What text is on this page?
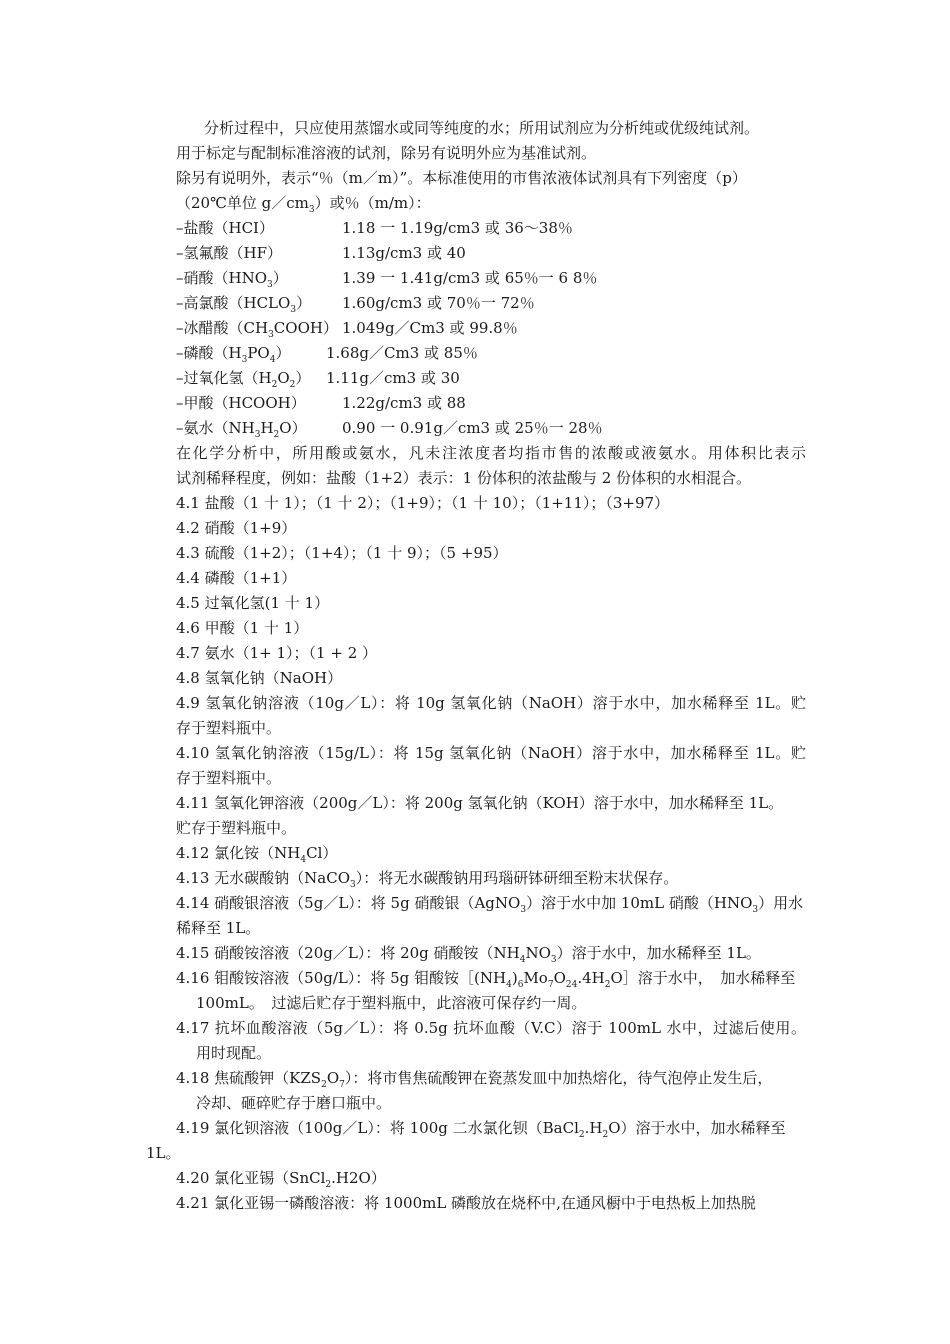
分析过程中，只应使用蒸馏水或同等纯度的水；所用试剂应为分析纯或优级纯试剂。
用于标定与配制标准溶液的试剂，除另有说明外应为基准试剂。
除另有说明外，表示“％（m／m）”。本标准使用的市售浓液体试剂具有下列密度（p）
（20℃单位 $g/cm_3$）或％（m/m）：
–盐酸（HCI）	1.18 一 1.19g/cm3 或 36～38％
–氢氟酸（HF）	1.13g/cm3 或 40
–硝酸$(HNO_3)$	1.39 一 1.41g/cm3 或 65％一 6 8％
–高氯酸$(HCLO_3)$ 1.60g/cm3 或 70％一 72％
–冰醋酸$(CH_3COOH)$ 1.049g／Cm3 或 99.8％
–磷酸$(H_3PO_4)$ 1.68g／Cm3 或 85％
–过氧化氢$(H_2O_2)$ 1.11g／cm3 或 30
–甲酸（HCOOH） 1.22g/cm3 或 88
–氨水$(NH_3H_2O)$ 0.90 一 0.91g／cm3 或 25％一 28％
在化学分析中，所用酸或氨水，凡未注浓度者均指市售的浓酸或液氨水。用体积比表示
试剂稀释程度，例如：盐酸（1+2）表示：1 份体积的浓盐酸与 2 份体积的水相混合。
4.1 盐酸（1 十 1）；（1 十 2）；（1+9）；（1 十 10）；（1+11）；（3+97）
4.2 硝酸（1+9）
4.3 硫酸（1+2）；（1+4）；（1 十 9）；（5 +95）
4.4 磷酸（1+1）
4.5 过氧化氢(1 十 1）
4.6 甲酸（1 十 1）
4.7 氨水（1+ 1）；（1 + 2 ）
4.8 氢氧化钠（NaOH）
4.9 氢氧化钠溶液（10g／L）：将 10g 氢氧化钠（NaOH）溶于水中，加水稀释至 1L。贮
存于塑料瓶中。
4.10 氢氧化钠溶液（15g/L）：将 15g 氢氧化钠（NaOH）溶于水中，加水稀释至 1L。贮
存于塑料瓶中。
4.11 氢氧化钾溶液（200g／L）：将 200g 氢氧化钠（KOH）溶于水中，加水稀释至 1L。
贮存于塑料瓶中。
4.12 氯化铵$(NH_4Cl)$
4.13 无水碳酸钠（NaCO$_3$）：将无水碳酸钠用玛瑙研钵研细至粉末状保存。
4.14 硝酸银溶液（5g／L）：将 5g 硝酸银（AgNO$_3$）溶于水中加 10mL 硝酸$(HNO_3)$用水
稀释至 1L。
4.15 硝酸铵溶液（20g／L）：将 20g 硝酸铵$(NH_4NO_3)$溶于水中，加水稀释至 1L。
4.16 钼酸铵溶液（50g/L）：将 5g 钼酸铵$[(NH_4)_6Mo_7O_{24}.4H_2O]$溶于水中，　加水稀释至
100mL。　过滤后贮存于塑料瓶中，此溶液可保存约一周。
4.17 抗坏血酸溶液（5g／L）：将 0.5g 抗坏血酸（V.C）溶于 100mL 水中，过滤后使用。
用时现配。
4.18 焦硫酸钾$(KZS_2O_7)$：将市售焦硫酸钾在瓷蒸发皿中加热熔化，待气泡停止发生后，
冷却、砸碎贮存于磨口瓶中。
4.19 氯化钡溶液（100g／L）：将 100g 二水氯化钡$(BaCl_2.H_2O)$溶于水中，加水稀释至
1L。
4.20 氯化亚锡（SnCl$_2$.H2O）
4.21 氯化亚锡一磷酸溶液：将 1000mL 磷酸放在烧杯中,在通风橱中于电热板上加热脱
